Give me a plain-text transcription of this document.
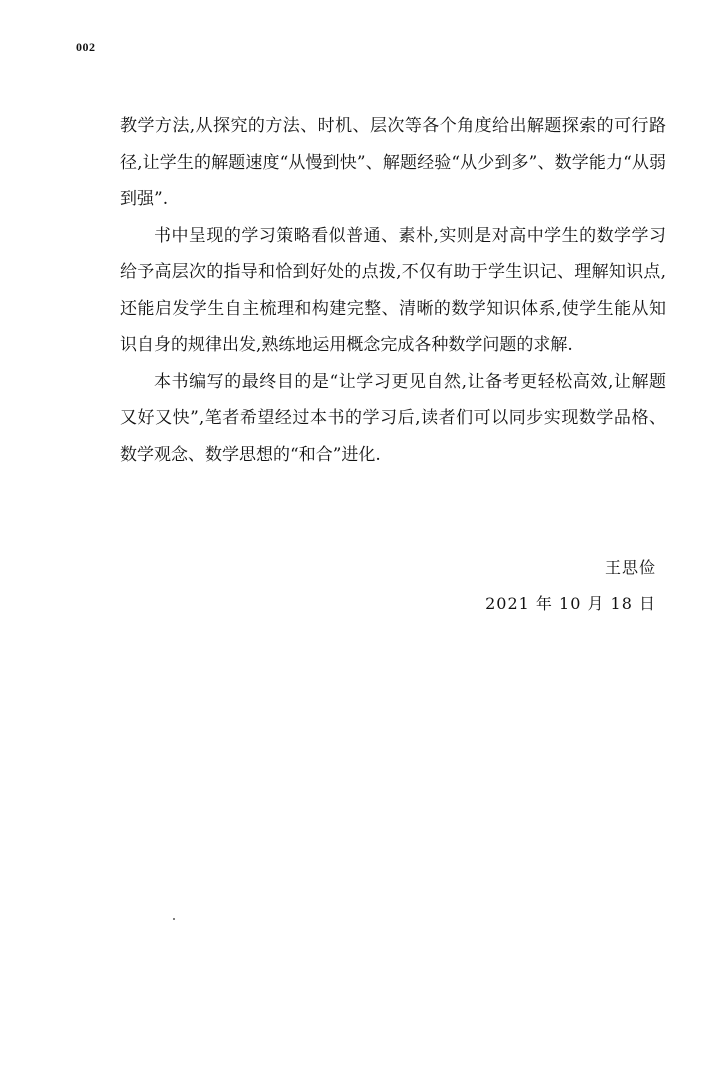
002

教学方法,从探究的方法、时机、层次等各个角度给出解题探索的可行路径,让学生的解题速度“从慢到快”、解题经验“从少到多”、数学能力“从弱到强”.

书中呈现的学习策略看似普通、素朴,实则是对高中学生的数学学习给予高层次的指导和恰到好处的点拨,不仅有助于学生识记、理解知识点,还能启发学生自主梳理和构建完整、清晰的数学知识体系,使学生能从知识自身的规律出发,熟练地运用概念完成各种数学问题的求解.

本书编写的最终目的是“让学习更见自然,让备考更轻松高效,让解题又好又快”,笔者希望经过本书的学习后,读者们可以同步实现数学品格、数学观念、数学思想的“和合”进化.

王思俭
2021 年 10 月 18 日
